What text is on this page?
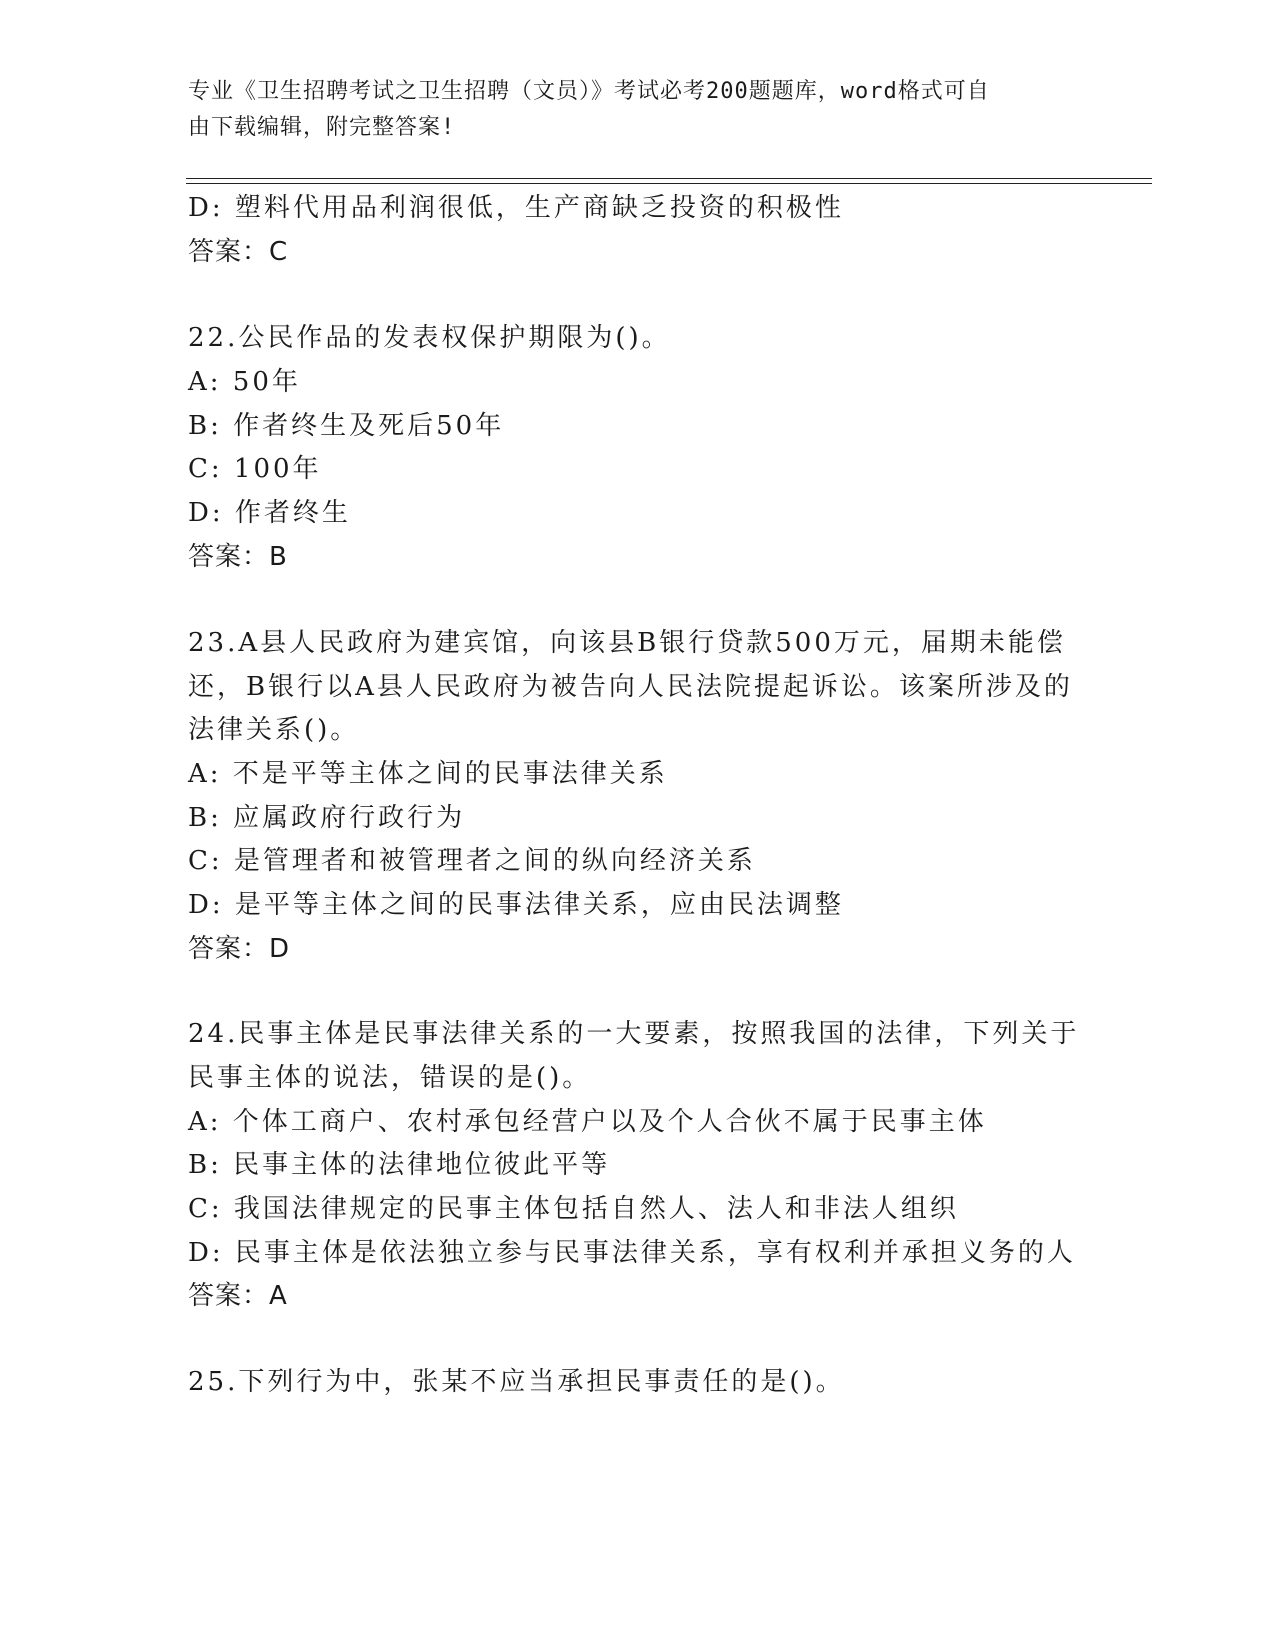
专业《卫生招聘考试之卫生招聘（文员）》考试必考200题题库，word格式可自
由下载编辑，附完整答案!
D: 塑料代用品利润很低，生产商缺乏投资的积极性
答案：C
22.公民作品的发表权保护期限为()。
A: 50年
B: 作者终生及死后50年
C: 100年
D: 作者终生
答案：B
23.A县人民政府为建宾馆，向该县B银行贷款500万元，届期未能偿
还，B银行以A县人民政府为被告向人民法院提起诉讼。该案所涉及的
法律关系()。
A: 不是平等主体之间的民事法律关系
B: 应属政府行政行为
C: 是管理者和被管理者之间的纵向经济关系
D: 是平等主体之间的民事法律关系，应由民法调整
答案：D
24.民事主体是民事法律关系的一大要素，按照我国的法律，下列关于
民事主体的说法，错误的是()。
A: 个体工商户、农村承包经营户以及个人合伙不属于民事主体
B: 民事主体的法律地位彼此平等
C: 我国法律规定的民事主体包括自然人、法人和非法人组织
D: 民事主体是依法独立参与民事法律关系，享有权利并承担义务的人
答案：A
25.下列行为中，张某不应当承担民事责任的是()。
